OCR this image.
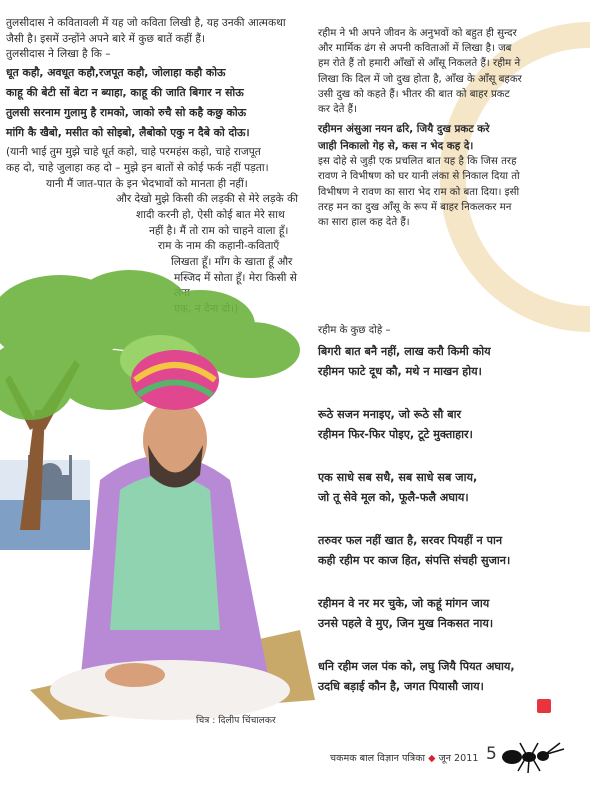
तुलसीदास ने कवितावली में यह जो कविता लिखी है, यह उनकी आत्मकथा जैसी है। इसमें उन्होंने अपने बारे में कुछ बातें कहीं हैं।

तुलसीदास ने लिखा है कि –

धूत कहौ, अवधूत कहौ,रजपूत कहौ, जोलाहा कहौ कोऊ

काहू की बेटी सों बेटा न ब्याहा, काहू की जाति बिगार न सोऊ

तुलसी सरनाम गुलामु है रामको, जाको रुचै सो कहै कछु कोऊ

मांगि कै खैबो, मसीत को सोइबो, लैबोको एकु न दैबे को दोऊ।

(यानी भाई तुम मुझे चाहे धूर्त कहो, चाहे परमहंस कहो, चाहे राजपूत

कह दो, चाहे जुलाहा कह दो – मुझे इन बातों से कोई फर्क नहीं पड़ता।

यानी मैं जात-पात के इन भेदभावों को मानता ही नहीं।

और देखो मुझे किसी की लड़की से मेरे लड़के की

शादी करनी हो, ऐसी कोई बात मेरे साथ

नहीं है। मैं तो राम को चाहने वाला हूँ।

राम के नाम की कहानी-कविताएँ

लिखता हूँ। माँग के खाता हूँ और

मस्जिद में सोता हूँ। मेरा किसी से

रहीम ने भी अपने जीवन के अनुभवों को बहुत ही सुन्दर और मार्मिक ढंग से अपनी कविताओं में लिखा है। जब हम रोते हैं तो हमारी आँखों से आँसू निकलते हैं। रहीम ने लिखा कि दिल में जो दुख होता है, आँख के आँसू बहकर उसी दुख को कहते हैं। भीतर की बात को बाहर प्रकट कर देते हैं।

रहीमन अंसुआ नयन ढरि, जियै दुख प्रकट करे

जाही निकालो गेह से, कस न भेद कह दे।

इस दोहे से जुड़ी एक प्रचलित बात यह है कि जिस तरह रावण ने विभीषण को घर यानी लंका से निकाल दिया तो विभीषण ने रावण का सारा भेद राम को बता दिया। इसी तरह मन का दुख आँसू के रूप में बाहर निकलकर मन का सारा हाल कह देते हैं।

रहीम के कुछ दोहे –

बिगरी बात बनै नहीं, लाख करौ किमी कोय

रहीमन फाटे दूध कौ, मथे न माखन होय।

रूठे सजन मनाइए, जो रूठे सौ बार

रहीमन फिर-फिर पोइए, टूटे मुक्ताहार।

एक साधे सब सधै, सब साधे सब जाय,

जो तू सेवे मूल को, फूलै-फलै अघाय।

तरुवर फल नहीं खात है, सरवर पियहीं न पान

कही रहीम पर काज हित, संपत्ति संचही सुजान।

रहीमन वे नर मर चुके, जो कहूं मांगन जाय

उनसे पहले वे मुए, जिन मुख निकसत नाय।

धनि रहीम जल पंक को, लघु जियै पियत अघाय,

उदधि बड़ाई कौन है, जगत पियासौ जाय।

चित्र : दिलीप चिंचालकर
चकमक बाल विज्ञान पत्रिका ◆ जून 2011 5
